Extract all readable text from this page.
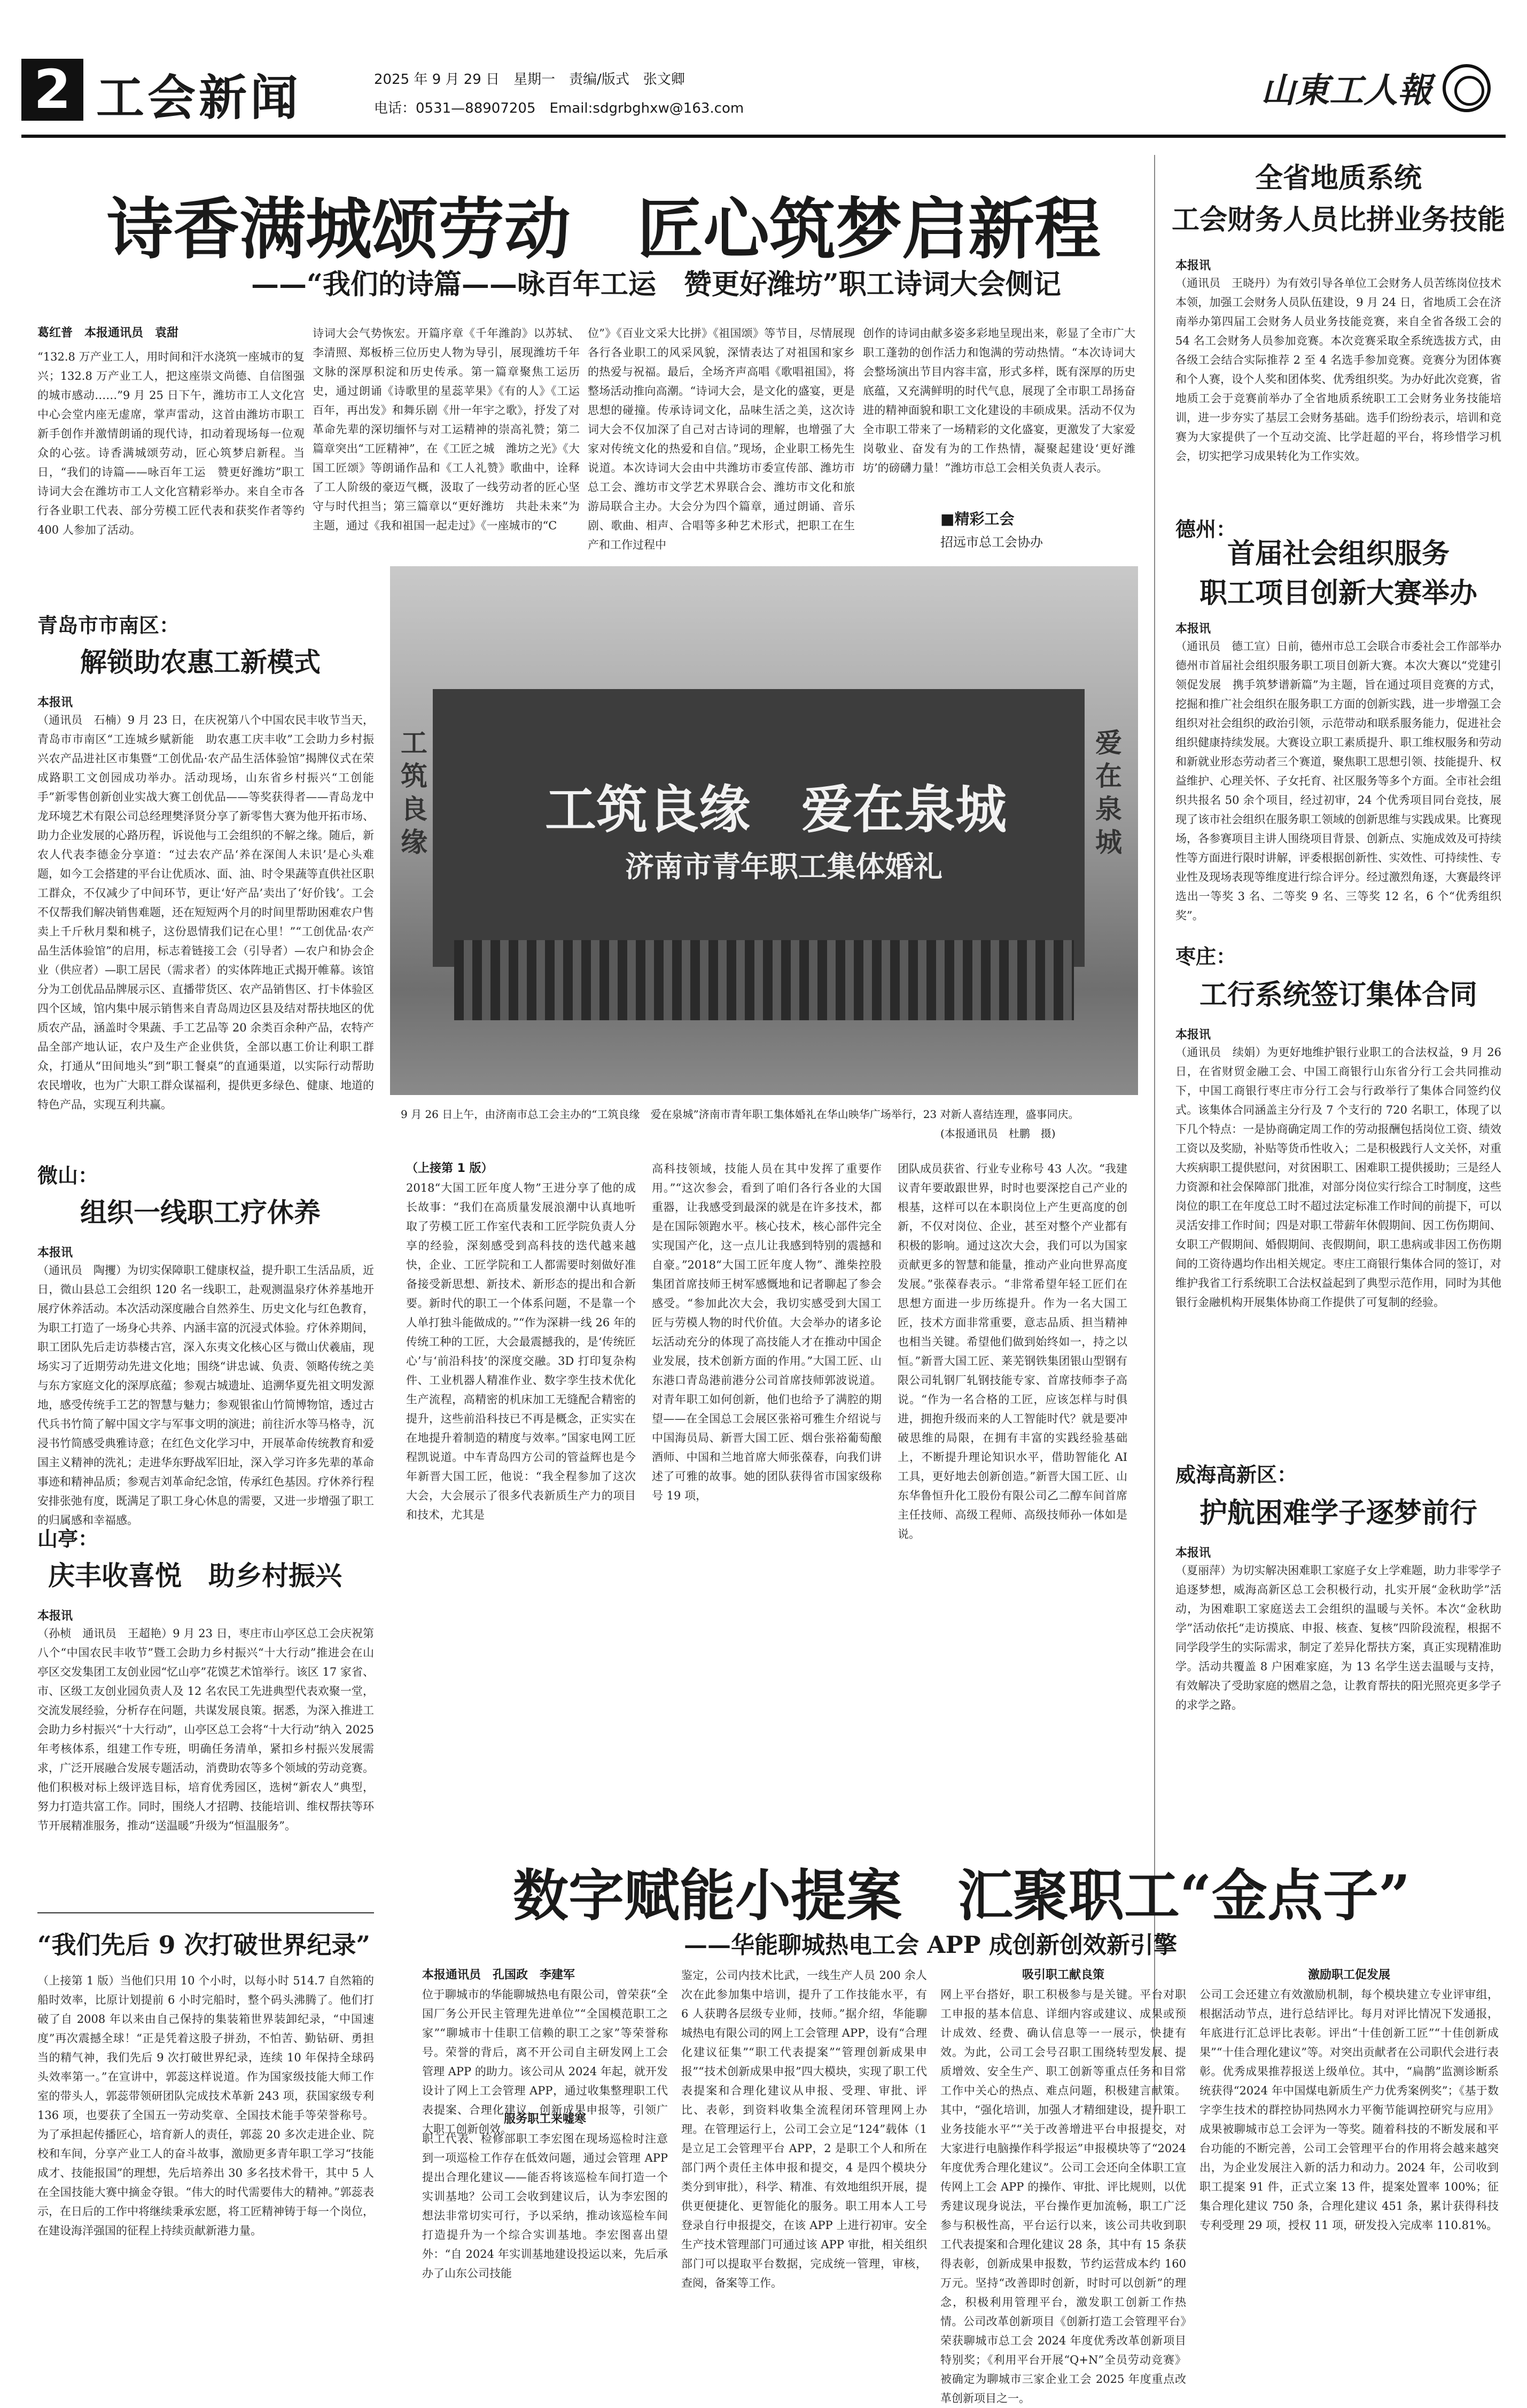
2 工会新闻	2025 年 9 月 29 日　星期一　责编/版式　张文卿
电话：0531—88907205　Email:sdgrbghxw@163.com	山東工人報
诗香满城颂劳动　匠心筑梦启新程
——“我们的诗篇——咏百年工运　赞更好潍坊”职工诗词大会侧记
葛红普　本报通讯员　袁甜
“132.8 万产业工人，用时间和汗水浇筑一座城市的复兴；132.8 万产业工人，把这座崇文尚德、自信图强的城市感动……”9 月 25 日下午，潍坊市工人文化宫中心会堂内座无虚席，掌声雷动，这首由潍坊市职工新手创作并激情朗诵的现代诗，扣动着现场每一位观众的心弦。诗香满城颂劳动，匠心筑梦启新程。当日，“我们的诗篇——咏百年工运　赞更好潍坊”职工诗词大会在潍坊市工人文化宫精彩举办。来自全市各行各业职工代表、部分劳模工匠代表和获奖作者等约 400 人参加了活动。
诗词大会气势恢宏。开篇序章《千年潍韵》以苏轼、李清照、郑板桥三位历史人物为导引，展现潍坊千年文脉的深厚积淀和历史传承。第一篇章聚焦工运历史，通过朗诵《诗歌里的星蕊苹果》《有的人》《工运百年，再出发》和舞乐剧《卅一年宇之歌》，抒发了对革命先辈的深切缅怀与对工运精神的崇高礼赞；第二篇章突出“工匠精神”，在《工匠之城　潍坊之光》《大国工匠颂》等朗诵作品和《工人礼赞》歌曲中，诠释了工人阶级的豪迈气概，汲取了一线劳动者的匠心坚守与时代担当；第三篇章以“更好潍坊　共赴未来”为主题，通过《我和祖国一起走过》《一座城市的“C
位”》《百业文采大比拼》《祖国颂》等节目，尽情展现各行各业职工的风采风貌，深情表达了对祖国和家乡的热爱与祝福。最后，全场齐声高唱《歌唱祖国》，将整场活动推向高潮。“诗词大会，是文化的盛宴，更是思想的碰撞。传承诗词文化，品味生活之美，这次诗词大会不仅加深了自己对古诗词的理解，也增强了大家对传统文化的热爱和自信。”现场，企业职工杨先生说道。本次诗词大会由中共潍坊市委宣传部、潍坊市总工会、潍坊市文学艺术界联合会、潍坊市文化和旅游局联合主办。大会分为四个篇章，通过朗诵、音乐剧、歌曲、相声、合唱等多种艺术形式，把职工在生产和工作过程中
创作的诗词由献多姿多彩地呈现出来，彰显了全市广大职工蓬勃的创作活力和饱满的劳动热情。“本次诗词大会整场演出节目内容丰富，形式多样，既有深厚的历史底蕴，又充满鲜明的时代气息，展现了全市职工昂扬奋进的精神面貌和职工文化建设的丰硕成果。活动不仅为全市职工带来了一场精彩的文化盛宴，更激发了大家爱岗敬业、奋发有为的工作热情，凝聚起建设‘更好潍坊’的磅礴力量！”潍坊市总工会相关负责人表示。
■精彩工会
招远市总工会协办
工筑良缘　爱在泉城
济南市青年职工集体婚礼
工筑良缘
爱在泉城
9 月 26 日上午，由济南市总工会主办的“工筑良缘　爱在泉城”济南市青年职工集体婚礼在华山映华广场举行，23 对新人喜结连理，盛事同庆。
(本报通讯员　杜鹏　摄)
青岛市市南区：
解锁助农惠工新模式
本报讯
（通讯员　石楠）9 月 23 日，在庆祝第八个中国农民丰收节当天，青岛市市南区“工连城乡赋新能　助农惠工庆丰收”工会助力乡村振兴农产品进社区市集暨“工创优品·农产品生活体验馆”揭牌仪式在荣成路职工文创园成功举办。活动现场，山东省乡村振兴“工创能手”新零售创新创业实战大赛工创优品——等奖获得者——青岛龙中龙环境艺术有限公司总经理樊泽贤分享了新零售大赛为他开拓市场、助力企业发展的心路历程，诉说他与工会组织的不解之缘。随后，新农人代表李德金分享道：“过去农产品‘养在深闺人未识’是心头难题，如今工会搭建的平台让优质冰、面、油、时令果蔬等直供社区职工群众，不仅减少了中间环节，更让‘好产品’卖出了‘好价钱’。工会不仅帮我们解决销售难题，还在短短两个月的时间里帮助困难农户售卖上千斤秋月梨和桃子，这份恩情我们记在心里！”“工创优品·农产品生活体验馆”的启用，标志着链接工会（引导者）—农户和协会企业（供应者）—职工居民（需求者）的实体阵地正式揭开帷幕。该馆分为工创优品品牌展示区、直播带货区、农产品销售区、打卡体验区四个区域，馆内集中展示销售来自青岛周边区县及结对帮扶地区的优质农产品，涵盖时令果蔬、手工艺品等 20 余类百余种产品，农特产品全部产地认证，农户及生产企业供货，全部以惠工价让利职工群众，打通从“田间地头”到“职工餐桌”的直通渠道，以实际行动帮助农民增收，也为广大职工群众谋福利，提供更多绿色、健康、地道的特色产品，实现互利共赢。
微山：
组织一线职工疗休养
本报讯
（通讯员　陶攫）为切实保障职工健康权益，提升职工生活品质，近日，微山县总工会组织 120 名一线职工，赴观测温泉疗休养基地开展疗休养活动。本次活动深度融合自然养生、历史文化与红色教育，为职工打造了一场身心共养、内涵丰富的沉浸式体验。疗休养期间，职工团队先后走访恭楼古宫，深入东夷文化核心区与微山伏羲庙，现场实习了近期劳动先进文化地；围绕“讲忠诚、负责、领略传统之美与东方家庭文化的深厚底蕴；参观古城遗址、追溯华夏先祖文明发源地，感受传统手工艺的智慧与魅力；参观银雀山竹简博物馆，透过古代兵书竹简了解中国文字与军事文明的演进；前往沂水等马格寺，沉浸书竹简感受典雅诗意；在红色文化学习中，开展革命传统教育和爱国主义精神的洗礼；走进华东野战军旧址，深入学习许多先辈的革命事迹和精神品质；参观吉刘革命纪念馆，传承红色基因。疗休养行程安排张弛有度，既满足了职工身心休息的需要，又进一步增强了职工的归属感和幸福感。
山亭：
庆丰收喜悦　助乡村振兴
本报讯
（孙桢　通讯员　王超艳）9 月 23 日，枣庄市山亭区总工会庆祝第八个“中国农民丰收节”暨工会助力乡村振兴“十大行动”推进会在山亭区交发集团工友创业园“忆山亭”花馍艺术馆举行。该区 17 家省、市、区级工友创业园负责人及 12 名农民工先进典型代表欢聚一堂，交流发展经验，分析存在问题，共谋发展良策。据悉，为深入推进工会助力乡村振兴“十大行动”，山亭区总工会将“十大行动”纳入 2025 年考核体系，组建工作专班，明确任务清单，紧扣乡村振兴发展需求，广泛开展融合发展专题活动，消费助农等多个领域的劳动竞赛。他们积极对标上级评选目标，培育优秀园区，选树“新农人”典型，努力打造共富工作。同时，围绕人才招聘、技能培训、维权帮扶等环节开展精准服务，推动“送温暖”升级为“恒温服务”。
“我们先后 9 次打破世界纪录”
（上接第 1 版）当他们只用 10 个小时，以每小时 514.7 自然箱的船时效率，比原计划提前 6 小时完船时，整个码头沸腾了。他们打破了自 2008 年以来由自己保持的集装箱世界装卸纪录，“中国速度”再次震撼全球！“正是凭着这股子拼劲，不怕苦、勤钻研、勇担当的精气神，我们先后 9 次打破世界纪录，连续 10 年保持全球码头效率第一。”在宣讲中，郭蕊这样说道。作为国家级技能大师工作室的带头人，郭蕊带领研团队完成技术革新 243 项，获国家级专利 136 项，也要获了全国五一劳动奖章、全国技术能手等荣誉称号。为了承担起传播匠心，培育新人的责任，郭蕊 20 多次走进企业、院校和车间，分享产业工人的奋斗故事，激励更多青年职工学习“技能成才、技能报国”的理想，先后培养出 30 多名技术骨干，其中 5 人在全国技能大赛中摘金夺银。“伟大的时代需要伟大的精神。”郭蕊表示，在日后的工作中将继续秉承宏愿，将工匠精神铸于每一个岗位，在建设海洋强国的征程上持续贡献新港力量。
（上接第 1 版）
2018“大国工匠年度人物”王进分享了他的成长故事：“我们在高质量发展浪潮中认真地听取了劳模工匠工作室代表和工匠学院负责人分享的经验，深刻感受到高科技的迭代越来越快，企业、工匠学院和工人都需要时刻做好准备接受新思想、新技术、新形态的提出和合新要。新时代的职工一个体系问题，不是靠一个人单打独斗能做成的。”“作为深耕一线 26 年的传统工种的工匠，大会最震撼我的，是‘传统匠心’与‘前沿科技’的深度交融。3D 打印复杂构件、工业机器人精准作业、数字孪生技术优化生产流程，高精密的机床加工无缝配合精密的提升，这些前沿科技已不再是概念，正实实在在地提升着制造的精度与效率。”国家电网工匠程凯说道。中车青岛四方公司的管益辉也是今年新晋大国工匠，他说：“我全程参加了这次大会，大会展示了很多代表新质生产力的项目和技术，尤其是
高科技领域，技能人员在其中发挥了重要作用。”“这次参会，看到了咱们各行各业的大国重器，让我感受到最深的就是在许多技术，都是在国际领跑水平。核心技术，核心部件完全实现国产化，这一点儿让我感到特别的震撼和自豪。”2018“大国工匠年度人物”、潍柴控股集团首席技师王树军感慨地和记者聊起了参会感受。“参加此次大会，我切实感受到大国工匠与劳模人物的时代价值。大会举办的诸多论坛活动充分的体现了高技能人才在推动中国企业发展，技术创新方面的作用。”大国工匠、山东港口青岛港前港分公司首席技师郭波说道。对青年职工如何创新，他们也给予了满腔的期望——在全国总工会展区张裕可雅生介绍说与中国海员局、新晋大国工匠、烟台张裕葡萄酿酒师、中国和兰地首席大师张葆春，向我们讲述了可雅的故事。她的团队获得省市国家级称号 19 项，
团队成员获省、行业专业称号 43 人次。“我建议青年要敢跟世界，时时也要深挖自己产业的根基，这样可以在本职岗位上产生更高度的创新，不仅对岗位、企业，甚至对整个产业都有积极的影响。通过这次大会，我们可以为国家贡献更多的智慧和能量，推动产业向世界高度发展。”张葆春表示。“非常希望年轻工匠们在思想方面进一步历练提升。作为一名大国工匠，技术方面非常重要，意志品质、担当精神也相当关键。希望他们做到始终如一，持之以恒。”新晋大国工匠、莱芜钢铁集团银山型钢有限公司轧钢厂轧钢技能专家、首席技师李子高说。“作为一名合格的工匠，应该怎样与时俱进，拥抱升级而来的人工智能时代？就是要冲破思维的局限，在拥有丰富的实践经验基础上，不断提升理论知识水平，借助智能化 AI 工具，更好地去创新创造。”新晋大国工匠、山东华鲁恒升化工股份有限公司乙二醇车间首席主任技师、高级工程师、高级技师孙一体如是说。
数字赋能小提案　汇聚职工“金点子”
——华能聊城热电工会 APP 成创新创效新引擎
本报通讯员　孔国政　李建军
位于聊城市的华能聊城热电有限公司，曾荣获“全国厂务公开民主管理先进单位”“全国模范职工之家”“聊城市十佳职工信赖的职工之家”等荣誉称号。荣誉的背后，离不开公司自主研发网上工会管理 APP 的助力。该公司从 2024 年起，就开发设计了网上工会管理 APP，通过收集整理职工代表提案、合理化建议、创新成果申报等，引领广大职工创新创效。
服务职工来嘘寒
职工代表、检修部职工李宏图在现场巡检时注意到一项巡检工作存在低效问题，通过会管理 APP 提出合理化建议——能否将该巡检车间打造一个实训基地？公司工会收到建议后，认为李宏图的想法非常切实可行，予以采纳，推动该巡检车间打造提升为一个综合实训基地。李宏图喜出望外：“自 2024 年实训基地建设投运以来，先后承办了山东公司技能
鉴定，公司内技术比武，一线生产人员 200 余人次在此参加集中培训，提升了工作技能水平，有 6 人获聘各层级专业师，技师。”据介绍，华能聊城热电有限公司的网上工会管理 APP，设有“合理化建议征集”“职工代表提案”“管理创新成果申报”“技术创新成果申报”四大模块，实现了职工代表提案和合理化建议从申报、受理、审批、评比、表彰，到资料收集全流程闭环管理网上办理。在管理运行上，公司工会立足“124”载体（1 是立足工会管理平台 APP，2 是职工个人和所在部门两个责任主体申报和提交，4 是四个模块分类分到审批），科学、精准、有效地组织开展，提供更便捷化、更智能化的服务。职工用本人工号登录自行申报提交，在该 APP 上进行初审。安全生产技术管理部门可通过该 APP 审批，相关组织部门可以提取平台数据，完成统一管理，审核，查阅，备案等工作。
吸引职工献良策
网上平台搭好，职工积极参与是关键。平台对职工申报的基本信息、详细内容或建议、成果或预计成效、经费、确认信息等一一展示，快捷有效。为此，公司工会号召职工围绕转型发展、提质增效、安全生产、职工创新等重点任务和目常工作中关心的热点、难点问题，积极建言献策。其中，“强化培训，加强人才精细建设，提升职工业务技能水平”“关于改善增进平台申报提交，对大家进行电脑操作科学报运”申报模块等了“2024 年度优秀合理化建议”。公司工会还向全体职工宣传网上工会 APP 的操作、审批、评比规则，以优秀建议现身说法，平台操作更加流畅，职工广泛参与积极性高，平台运行以来，该公司共收到职工代表提案和合理化建议 28 条，其中有 15 条获得表彰，创新成果申报数，节约运营成本约 160 万元。坚持“改善即时创新，时时可以创新”的理念，积极利用管理平台，激发职工创新工作热情。公司改革创新项目《创新打造工会管理平台》荣获聊城市总工会 2024 年度优秀改革创新项目特别奖；《利用平台开展“Q+N”全员劳动竞赛》被确定为聊城市三家企业工会 2025 年度重点改革创新项目之一。
激励职工促发展
公司工会还建立有效激励机制，每个模块建立专业评审组，根据活动节点，进行总结评比。每月对评比情况下发通报，年底进行汇总评比表彰。评出“十佳创新工匠”“十佳创新成果”“十佳合理化建议”等。对突出贡献者在公司职代会进行表彰。优秀成果推荐报送上级单位。其中，“扁鹊”监测诊断系统获得“2024 年中国煤电新质生产力优秀案例奖”；《基于数字孪生技术的群控协同热网水力平衡节能调控研究与应用》成果被聊城市总工会评为一等奖。随着科技的不断发展和平台功能的不断完善，公司工会管理平台的作用将会越来越突出，为企业发展注入新的活力和动力。2024 年，公司收到职工提案 91 件，正式立案 13 件，提案处置率 100%；征集合理化建议 750 条，合理化建议 451 条，累计获得科技专利受理 29 项，授权 11 项，研发投入完成率 110.81%。
全省地质系统
工会财务人员比拼业务技能
本报讯
（通讯员　王晓丹）为有效引导各单位工会财务人员苦练岗位技术本领，加强工会财务人员队伍建设，9 月 24 日，省地质工会在济南举办第四届工会财务人员业务技能竞赛，来自全省各级工会的 54 名工会财务人员参加竞赛。本次竞赛采取全系统选拔方式，由各级工会结合实际推荐 2 至 4 名选手参加竞赛。竞赛分为团体赛和个人赛，设个人奖和团体奖、优秀组织奖。为办好此次竞赛，省地质工会于竞赛前举办了全省地质系统职工工会财务业务技能培训，进一步夯实了基层工会财务基础。选手们纷纷表示，培训和竞赛为大家提供了一个互动交流、比学赶超的平台，将珍惜学习机会，切实把学习成果转化为工作实效。
德州：
首届社会组织服务
职工项目创新大赛举办
本报讯
（通讯员　德工宣）日前，德州市总工会联合市委社会工作部举办德州市首届社会组织服务职工项目创新大赛。本次大赛以“党建引领促发展　携手筑梦谱新篇”为主题，旨在通过项目竞赛的方式，挖掘和推广社会组织在服务职工方面的创新实践，进一步增强工会组织对社会组织的政治引领，示范带动和联系服务能力，促进社会组织健康持续发展。大赛设立职工素质提升、职工维权服务和劳动和新就业形态劳动者三个赛道，聚焦职工思想引领、技能提升、权益维护、心理关怀、子女托育、社区服务等多个方面。全市社会组织共报名 50 余个项目，经过初审，24 个优秀项目同台竞技，展现了该市社会组织在服务职工领域的创新思维与实践成果。比赛现场，各参赛项目主讲人围绕项目背景、创新点、实施成效及可持续性等方面进行限时讲解，评委根据创新性、实效性、可持续性、专业性及现场表现等维度进行综合评分。经过激烈角逐，大赛最终评选出一等奖 3 名、二等奖 9 名、三等奖 12 名，6 个“优秀组织奖”。
枣庄：
工行系统签订集体合同
本报讯
（通讯员　续娟）为更好地维护银行业职工的合法权益，9 月 26 日，在省财贸金融工会、中国工商银行山东省分行工会共同推动下，中国工商银行枣庄市分行工会与行政举行了集体合同签约仪式。该集体合同涵盖主分行及 7 个支行的 720 名职工，体现了以下几个特点：一是协商确定周工作的劳动报酬包括岗位工资、绩效工资以及奖励，补贴等货币性收入；二是积极践行人文关怀，对重大疾病职工提供慰问，对贫困职工、困难职工提供援助；三是经人力资源和社会保障部门批准，对部分岗位实行综合工时制度，这些岗位的职工在年度总工时不超过法定标准工作时间的前提下，可以灵活安排工作时间；四是对职工带薪年休假期间、因工伤伤期间、女职工产假期间、婚假期间、丧假期间，职工患病或非因工伤伤期间的工资待遇均作出相关规定。枣庄工商银行集体合同的签订，对维护我省工行系统职工合法权益起到了典型示范作用，同时为其他银行金融机构开展集体协商工作提供了可复制的经验。
威海高新区：
护航困难学子逐梦前行
本报讯
（夏丽萍）为切实解决困难职工家庭子女上学难题，助力非零学子追逐梦想，威海高新区总工会积极行动，扎实开展“金秋助学”活动，为困难职工家庭送去工会组织的温暖与关怀。本次“金秋助学”活动依托“走访摸底、申报、核查、复核”四阶段流程，根据不同学段学生的实际需求，制定了差异化帮扶方案，真正实现精准助学。活动共覆盖 8 户困难家庭，为 13 名学生送去温暖与支持，有效解决了受助家庭的燃眉之急，让教育帮扶的阳光照亮更多学子的求学之路。
